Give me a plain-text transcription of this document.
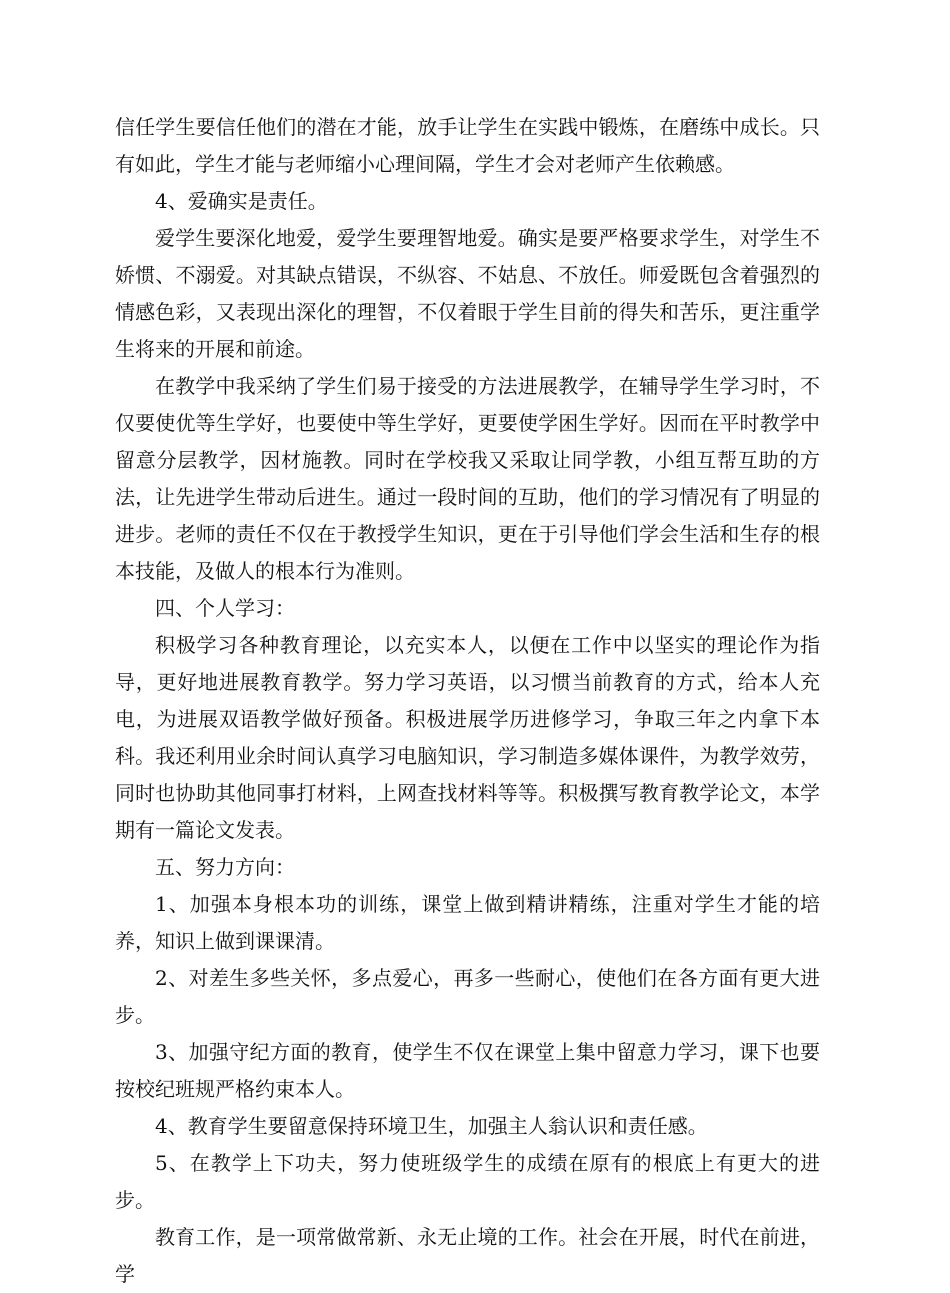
信任学生要信任他们的潜在才能，放手让学生在实践中锻炼，在磨练中成长。只有如此，学生才能与老师缩小心理间隔，学生才会对老师产生依赖感。

4、爱确实是责任。

爱学生要深化地爱，爱学生要理智地爱。确实是要严格要求学生，对学生不娇惯、不溺爱。对其缺点错误，不纵容、不姑息、不放任。师爱既包含着强烈的情感色彩，又表现出深化的理智，不仅着眼于学生目前的得失和苦乐，更注重学生将来的开展和前途。

在教学中我采纳了学生们易于接受的方法进展教学，在辅导学生学习时，不仅要使优等生学好，也要使中等生学好，更要使学困生学好。因而在平时教学中留意分层教学，因材施教。同时在学校我又采取让同学教，小组互帮互助的方法，让先进学生带动后进生。通过一段时间的互助，他们的学习情况有了明显的进步。老师的责任不仅在于教授学生知识，更在于引导他们学会生活和生存的根本技能，及做人的根本行为准则。

四、个人学习：

积极学习各种教育理论，以充实本人，以便在工作中以坚实的理论作为指导，更好地进展教育教学。努力学习英语，以习惯当前教育的方式，给本人充电，为进展双语教学做好预备。积极进展学历进修学习，争取三年之内拿下本科。我还利用业余时间认真学习电脑知识，学习制造多媒体课件，为教学效劳，同时也协助其他同事打材料，上网查找材料等等。积极撰写教育教学论文，本学期有一篇论文发表。

五、努力方向：

1、加强本身根本功的训练，课堂上做到精讲精练，注重对学生才能的培养，知识上做到课课清。

2、对差生多些关怀，多点爱心，再多一些耐心，使他们在各方面有更大进步。

3、加强守纪方面的教育，使学生不仅在课堂上集中留意力学习，课下也要按校纪班规严格约束本人。

4、教育学生要留意保持环境卫生，加强主人翁认识和责任感。

5、在教学上下功夫，努力使班级学生的成绩在原有的根底上有更大的进步。

教育工作，是一项常做常新、永无止境的工作。社会在开展，时代在前进，学
